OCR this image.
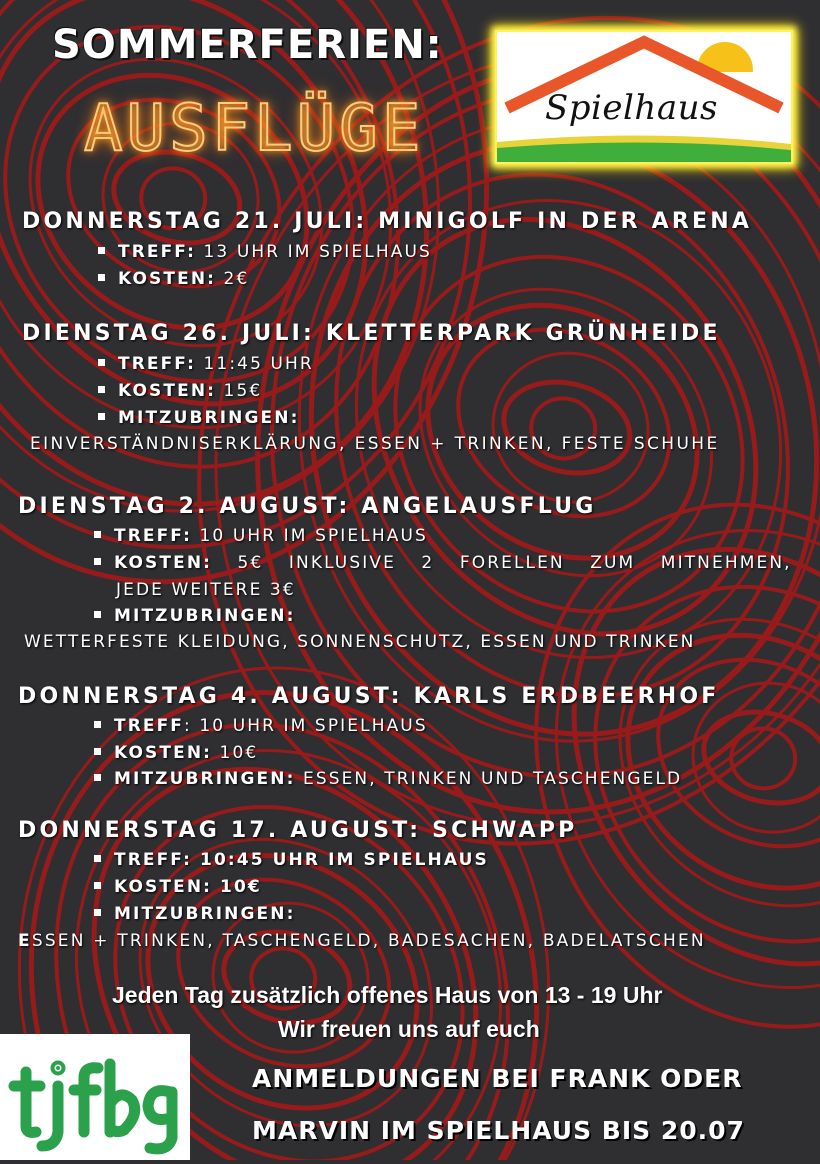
SOMMERFERIEN:
AUSFLÜGE	Spielhaus
DONNERSTAG 21. JULI: MINIGOLF IN DER ARENA
TREFF: 13 UHR IM SPIELHAUS
KOSTEN: 2€
DIENSTAG 26. JULI: KLETTERPARK GRÜNHEIDE
TREFF: 11:45 UHR
KOSTEN: 15€
MITZUBRINGEN:
EINVERSTÄNDNISERKLÄRUNG, ESSEN + TRINKEN, FESTE SCHUHE
DIENSTAG 2. AUGUST: ANGELAUSFLUG
TREFF: 10 UHR IM SPIELHAUS
KOSTEN: 5€ INKLUSIVE 2 FORELLEN ZUM MITNEHMEN,
JEDE WEITERE 3€
MITZUBRINGEN:
WETTERFESTE KLEIDUNG, SONNENSCHUTZ, ESSEN UND TRINKEN
DONNERSTAG 4. AUGUST: KARLS ERDBEERHOF
TREFF: 10 UHR IM SPIELHAUS
KOSTEN: 10€
MITZUBRINGEN: ESSEN, TRINKEN UND TASCHENGELD
DONNERSTAG 17. AUGUST: SCHWAPP
TREFF: 10:45 UHR IM SPIELHAUS
KOSTEN: 10€
MITZUBRINGEN:
ESSEN + TRINKEN, TASCHENGELD, BADESACHEN, BADELATSCHEN
Jeden Tag zusätzlich offenes Haus von 13 - 19 Uhr
Wir freuen uns auf euch
ANMELDUNGEN BEI FRANK ODER
MARVIN IM SPIELHAUS BIS 20.07
